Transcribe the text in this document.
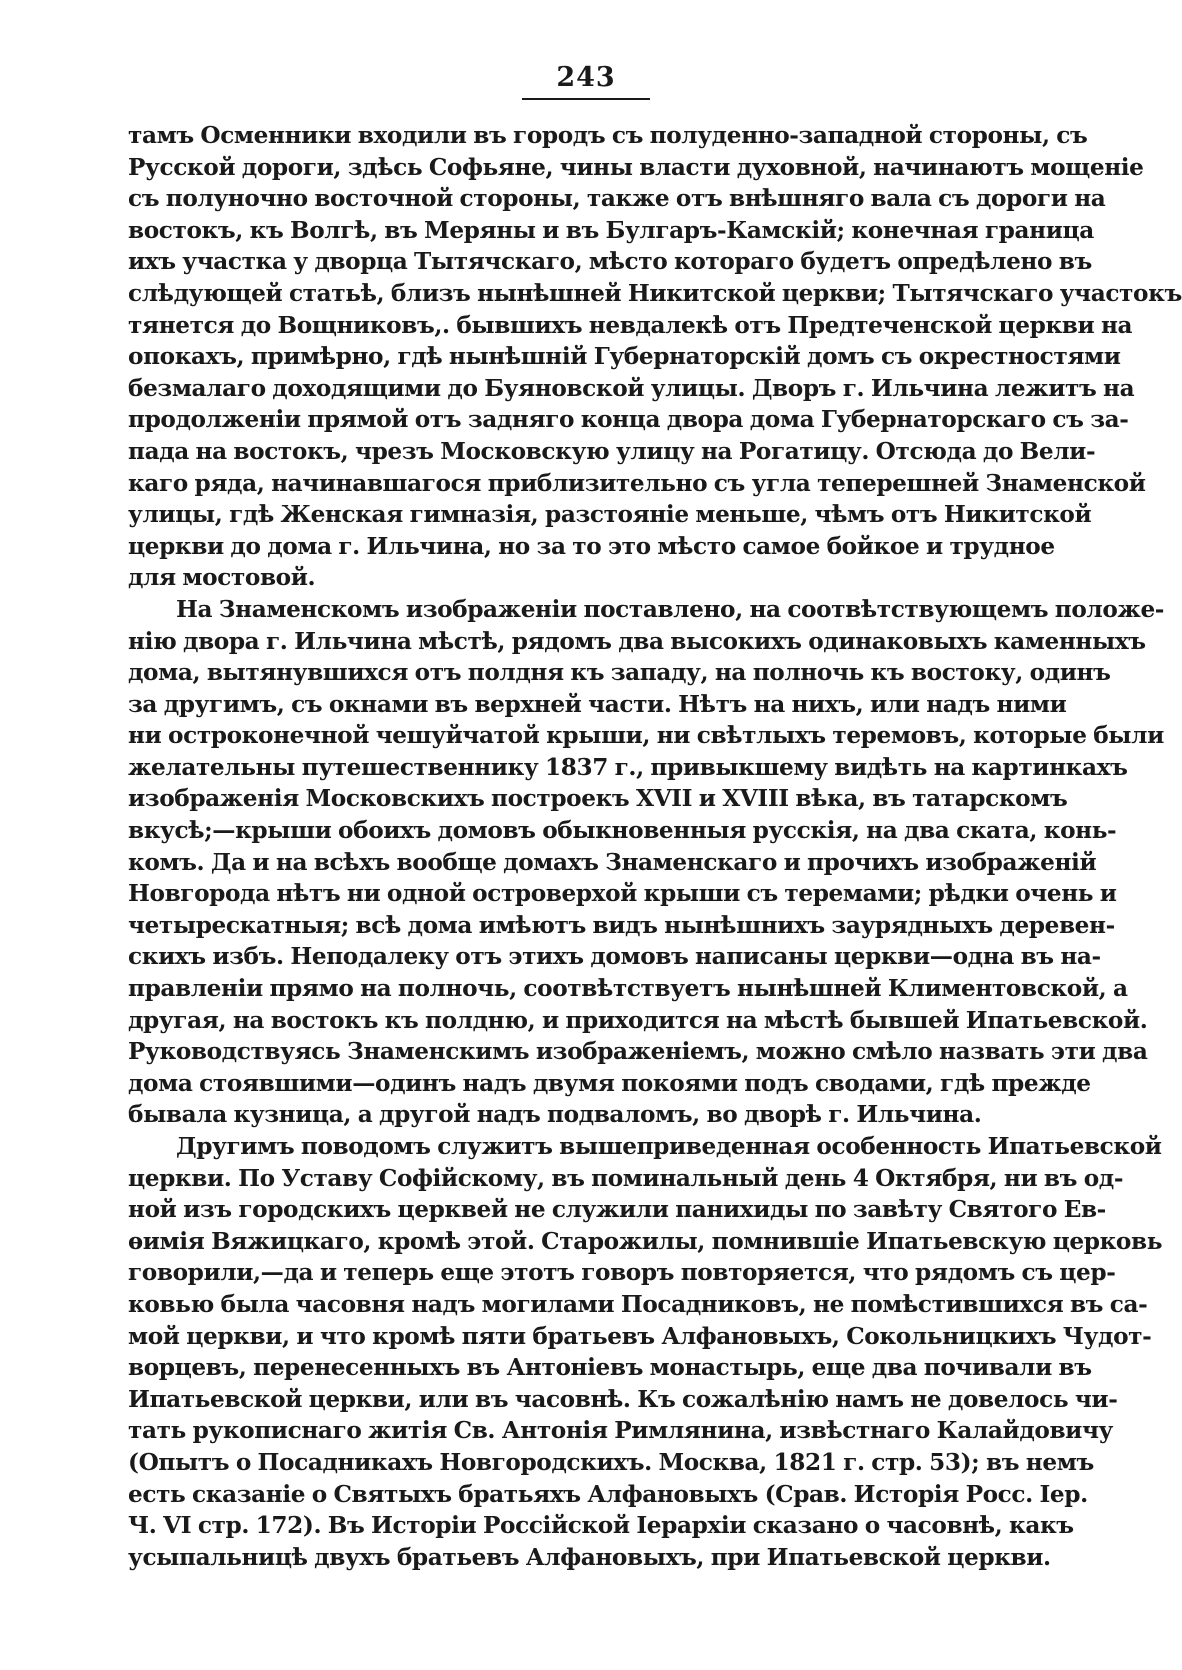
243
тамъ Осменники входили въ городъ съ полуденно-западной стороны, съ
Русской дороги, здѣсь Софьяне, чины власти духовной, начинаютъ мощеніе
съ полуночно восточной стороны, также отъ внѣшняго вала съ дороги на
востокъ, къ Волгѣ, въ Меряны и въ Булгаръ-Камскій; конечная граница
ихъ участка у дворца Тытячскаго, мѣсто котораго будетъ опредѣлено въ
слѣдующей статьѣ, близъ нынѣшней Никитской церкви; Тытячскаго участокъ
тянется до Вощниковъ,. бывшихъ невдалекѣ отъ Предтеченской церкви на
опокахъ, примѣрно, гдѣ нынѣшній Губернаторскій домъ съ окрестностями
безмалаго доходящими до Буяновской улицы. Дворъ г. Ильчина лежитъ на
продолженіи прямой отъ задняго конца двора дома Губернаторскаго съ за-
пада на востокъ, чрезъ Московскую улицу на Рогатицу. Отсюда до Вели-
каго ряда, начинавшагося приблизительно съ угла теперешней Знаменской
улицы, гдѣ Женская гимназія, разстояніе меньше, чѣмъ отъ Никитской
церкви до дома г. Ильчина, но за то это мѣсто самое бойкое и трудное
для мостовой.
На Знаменскомъ изображеніи поставлено, на соотвѣтствующемъ положе-
нію двора г. Ильчина мѣстѣ, рядомъ два высокихъ одинаковыхъ каменныхъ
дома, вытянувшихся отъ полдня къ западу, на полночь къ востоку, одинъ
за другимъ, съ окнами въ верхней части. Нѣтъ на нихъ, или надъ ними
ни остроконечной чешуйчатой крыши, ни свѣтлыхъ теремовъ, которые были
желательны путешественнику 1837 г., привыкшему видѣть на картинкахъ
изображенія Московскихъ построекъ XVII и XVIII вѣка, въ татарскомъ
вкусѣ;—крыши обоихъ домовъ обыкновенныя русскія, на два ската, конь-
комъ. Да и на всѣхъ вообще домахъ Знаменскаго и прочихъ изображеній
Новгорода нѣтъ ни одной островерхой крыши съ теремами; рѣдки очень и
четырескатныя; всѣ дома имѣютъ видъ нынѣшнихъ заурядныхъ деревен-
скихъ избъ. Неподалеку отъ этихъ домовъ написаны церкви—одна въ на-
правленіи прямо на полночь, соотвѣтствуетъ нынѣшней Климентовской, а
другая, на востокъ къ полдню, и приходится на мѣстѣ бывшей Ипатьевской.
Руководствуясь Знаменскимъ изображеніемъ, можно смѣло назвать эти два
дома стоявшими—одинъ надъ двумя покоями подъ сводами, гдѣ прежде
бывала кузница, а другой надъ подваломъ, во дворѣ г. Ильчина.
Другимъ поводомъ служитъ вышеприведенная особенность Ипатьевской
церкви. По Уставу Софійскому, въ поминальный день 4 Октября, ни въ од-
ной изъ городскихъ церквей не служили панихиды по завѣту Святого Ев-
ѳимія Вяжицкаго, кромѣ этой. Старожилы, помнившіе Ипатьевскую церковь
говорили,—да и теперь еще этотъ говоръ повторяется, что рядомъ съ цер-
ковью была часовня надъ могилами Посадниковъ, не помѣстившихся въ са-
мой церкви, и что кромѣ пяти братьевъ Алфановыхъ, Сокольницкихъ Чудот-
ворцевъ, перенесенныхъ въ Антоніевъ монастырь, еще два почивали въ
Ипатьевской церкви, или въ часовнѣ. Къ сожалѣнію намъ не довелось чи-
тать рукописнаго житія Св. Антонія Римлянина, извѣстнаго Калайдовичу
(Опытъ о Посадникахъ Новгородскихъ. Москва, 1821 г. стр. 53); въ немъ
есть сказаніе о Святыхъ братьяхъ Алфановыхъ (Срав. Исторія Росс. Іер.
Ч. VI стр. 172). Въ Исторіи Россійской Іерархіи сказано о часовнѣ, какъ
усыпальницѣ двухъ братьевъ Алфановыхъ, при Ипатьевской церкви.
